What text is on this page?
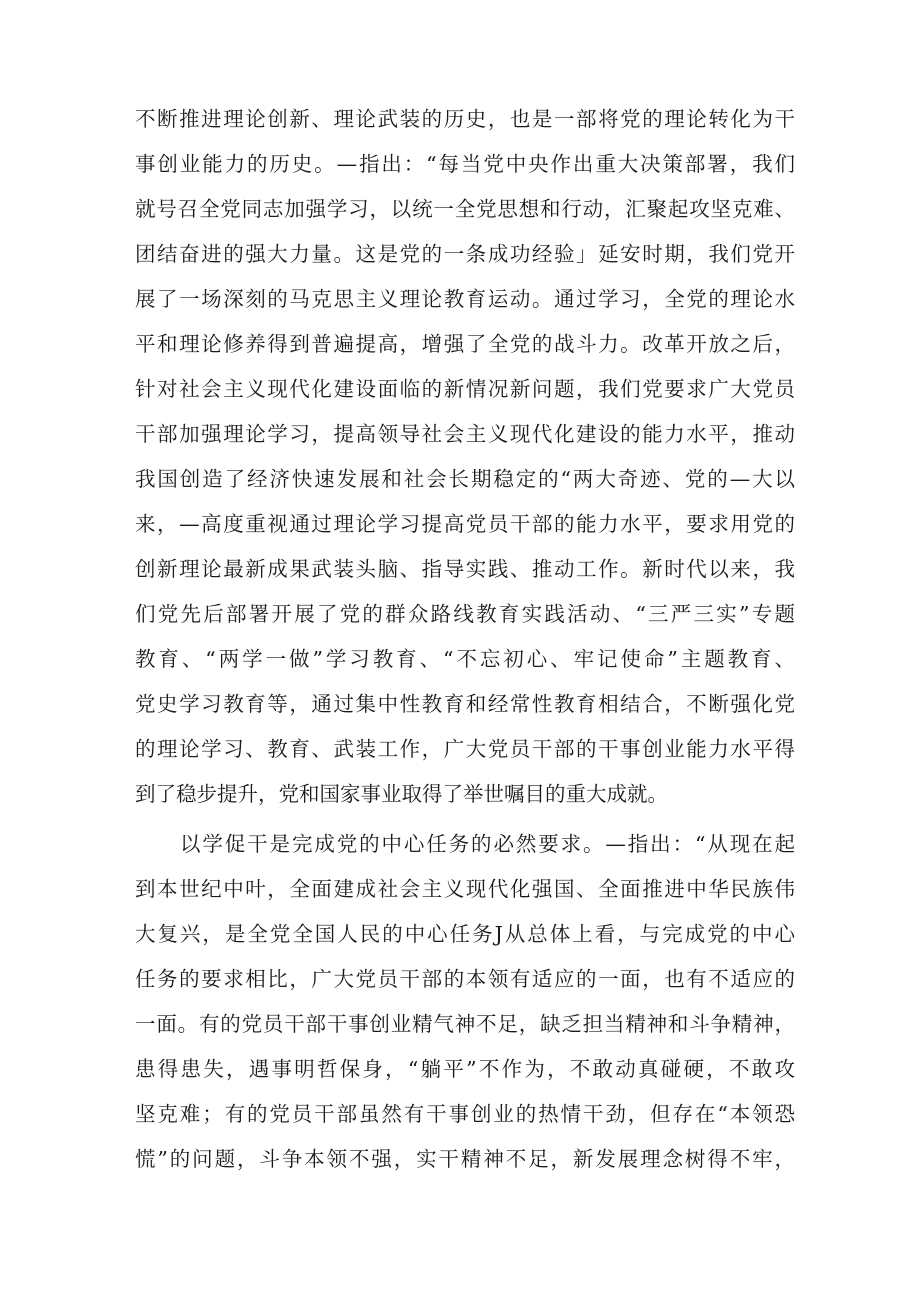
不断推进理论创新、理论武装的历史，也是一部将党的理论转化为干
事创业能力的历史。—指出：“每当党中央作出重大决策部署，我们
就号召全党同志加强学习，以统一全党思想和行动，汇聚起攻坚克难、
团结奋进的强大力量。这是党的一条成功经验」延安时期，我们党开
展了一场深刻的马克思主义理论教育运动。通过学习，全党的理论水
平和理论修养得到普遍提高，增强了全党的战斗力。改革开放之后，
针对社会主义现代化建设面临的新情况新问题，我们党要求广大党员
干部加强理论学习，提高领导社会主义现代化建设的能力水平，推动
我国创造了经济快速发展和社会长期稳定的“两大奇迹、党的—大以
来，—高度重视通过理论学习提高党员干部的能力水平，要求用党的
创新理论最新成果武装头脑、指导实践、推动工作。新时代以来，我
们党先后部署开展了党的群众路线教育实践活动、“三严三实”专题
教育、“两学一做”学习教育、“不忘初心、牢记使命”主题教育、
党史学习教育等，通过集中性教育和经常性教育相结合，不断强化党
的理论学习、教育、武装工作，广大党员干部的干事创业能力水平得
到了稳步提升，党和国家事业取得了举世嘱目的重大成就。
以学促干是完成党的中心任务的必然要求。—指出：“从现在起
到本世纪中叶，全面建成社会主义现代化强国、全面推进中华民族伟
大复兴，是全党全国人民的中心任务J从总体上看，与完成党的中心
任务的要求相比，广大党员干部的本领有适应的一面，也有不适应的
一面。有的党员干部干事创业精气神不足，缺乏担当精神和斗争精神，
患得患失，遇事明哲保身，“躺平”不作为，不敢动真碰硬，不敢攻
坚克难；有的党员干部虽然有干事创业的热情干劲，但存在“本领恐
慌”的问题，斗争本领不强，实干精神不足，新发展理念树得不牢，
